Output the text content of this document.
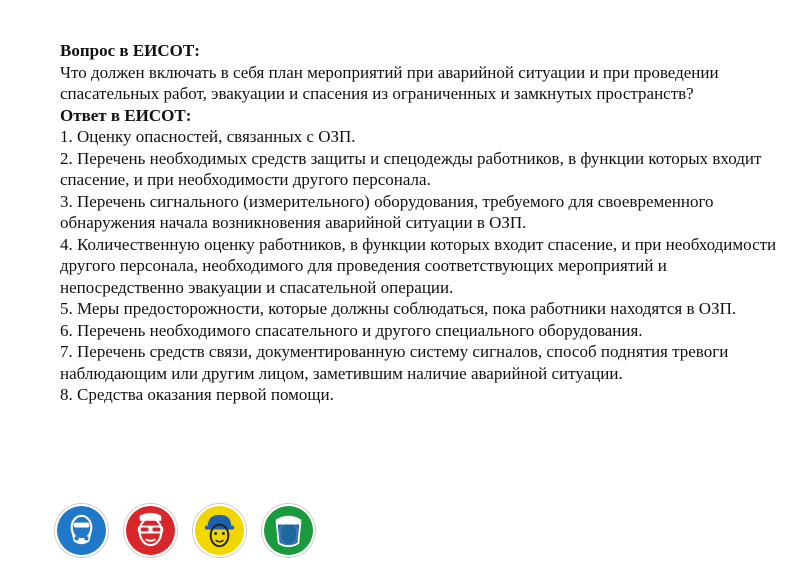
Вопрос в ЕИСОТ:
Что должен включать в себя план мероприятий при аварийной ситуации и при проведении спасательных работ, эвакуации и спасения из ограниченных и замкнутых пространств?
Ответ в ЕИСОТ:
1. Оценку опасностей, связанных с ОЗП.
2. Перечень необходимых средств защиты и спецодежды работников, в функции которых входит спасение, и при необходимости другого персонала.
3. Перечень сигнального (измерительного) оборудования, требуемого для своевременного обнаружения начала возникновения аварийной ситуации в ОЗП.
4. Количественную оценку работников, в функции которых входит спасение, и при необходимости другого персонала, необходимого для проведения соответствующих мероприятий и непосредственно эвакуации и спасательной операции.
5. Меры предосторожности, которые должны соблюдаться, пока работники находятся в ОЗП.
6. Перечень необходимого спасательного и другого специального оборудования.
7. Перечень средств связи, документированную систему сигналов, способ поднятия тревоги наблюдающим или другим лицом, заметившим наличие аварийной ситуации.
8. Средства оказания первой помощи.
